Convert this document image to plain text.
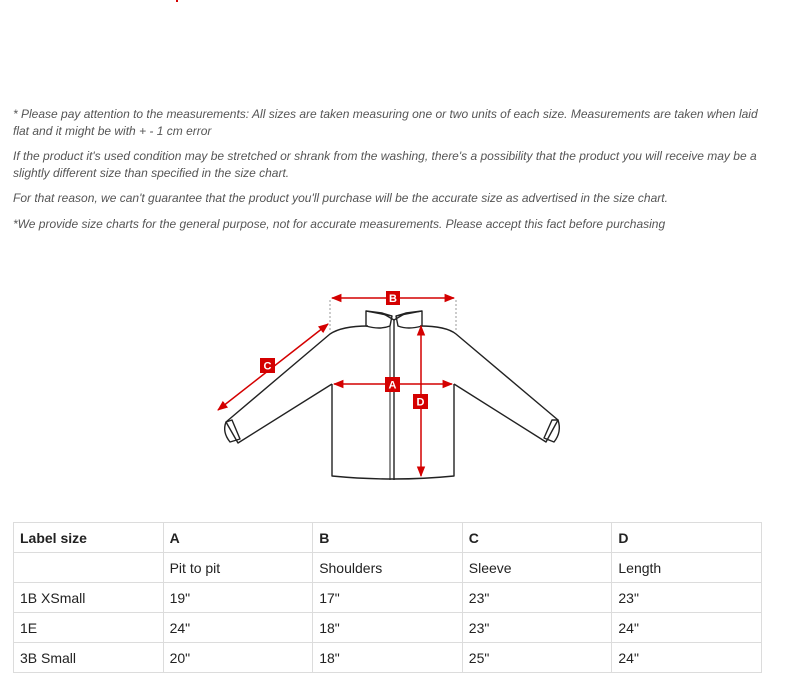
* Please pay attention to the measurements: All sizes are taken measuring one or two units of each size. Measurements are taken when laid flat and it might be with + - 1 cm error

If the product it's used condition may be stretched or shrank from the washing, there's a possibility that the product you will receive may be a slightly different size than specified in the size chart.

For that reason, we can't guarantee that the product you'll purchase will be the accurate size as advertised in the size chart.

*We provide size charts for the general purpose, not for accurate measurements. Please accept this fact before purchasing

B
A
C
D
Label size	A	B	C	D
	Pit to pit	Shoulders	Sleeve	Length
1B XSmall	19"	17"	23"	23"
1E	24"	18"	23"	24"
3B Small	20"	18"	25"	24"
